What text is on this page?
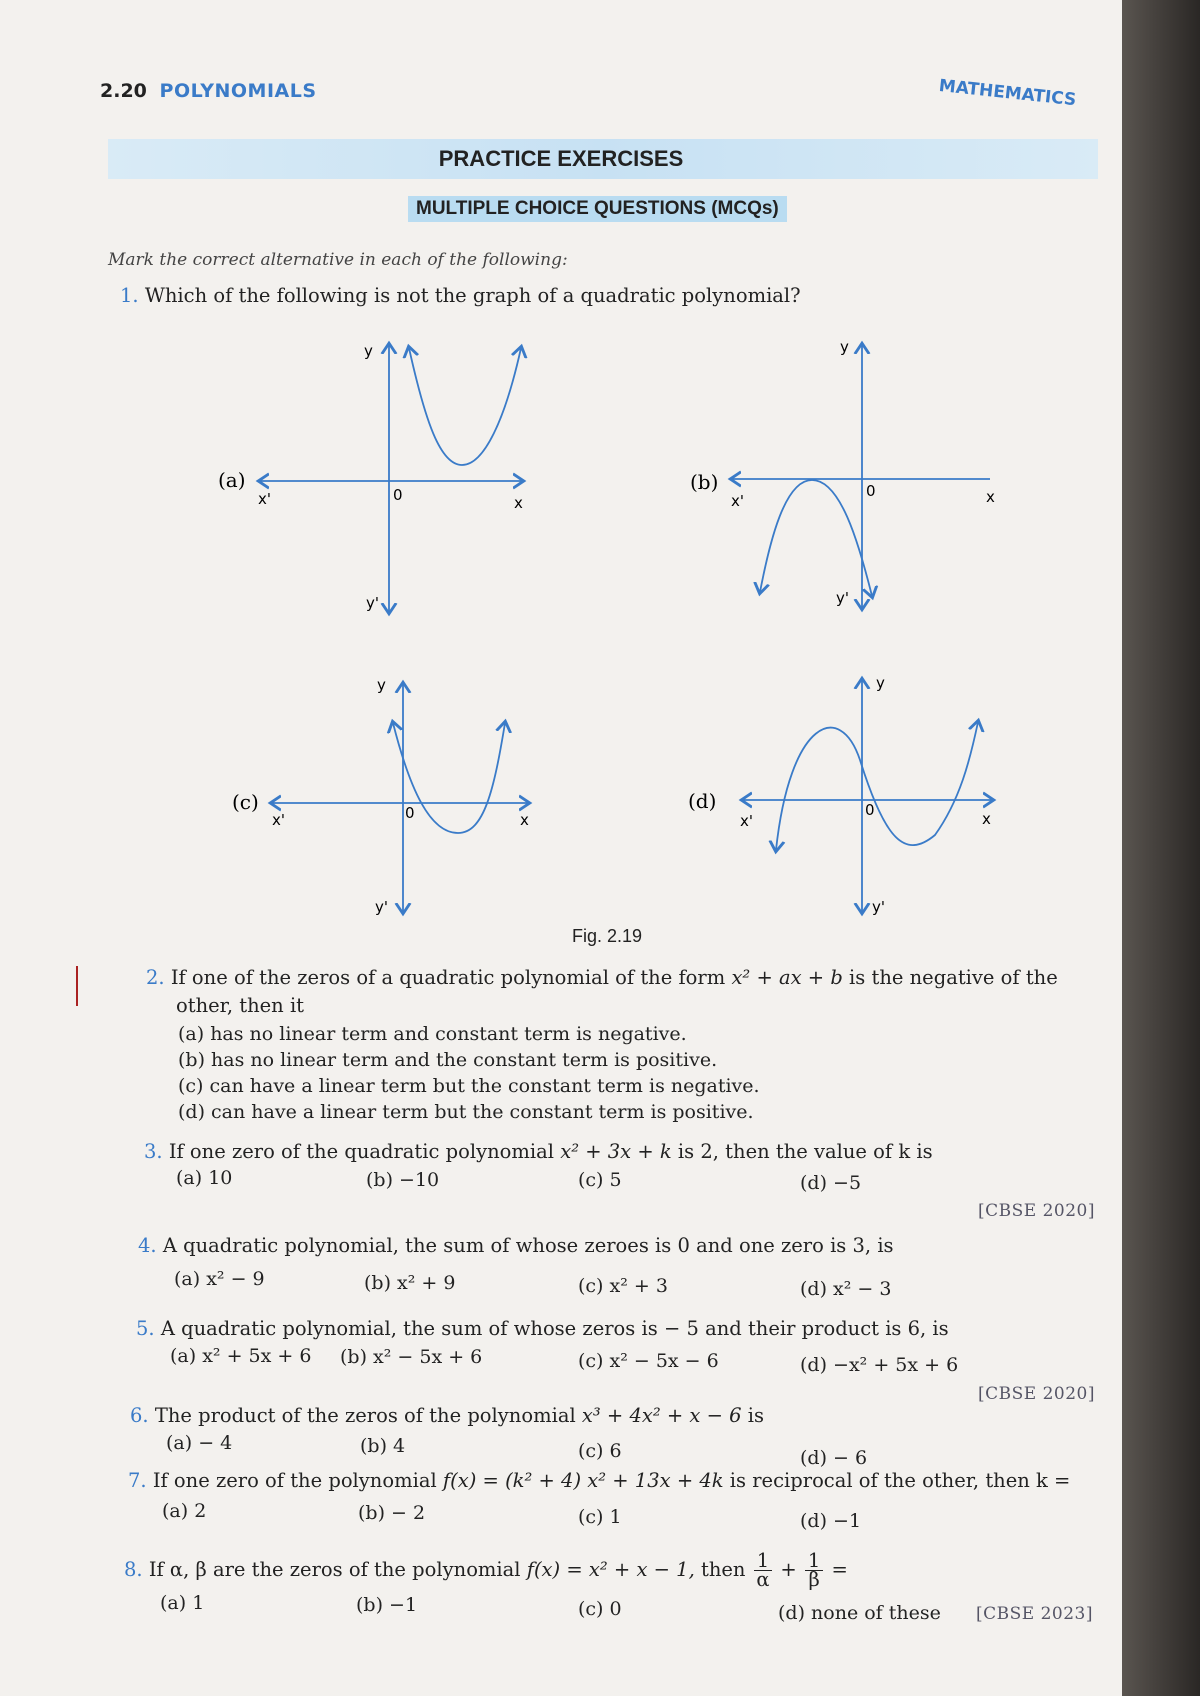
2.20 POLYNOMIALS	MATHEMATICS
PRACTICE EXERCISES
MULTIPLE CHOICE QUESTIONS (MCQs)
Mark the correct alternative in each of the following:
1. Which of the following is not the graph of a quadratic polynomial?
(a)
y
y'
x
x'	0
(b)
y
y'
x
x'
0
(c)
y
y'
x
x'	0	(d)
y
y'
x
x'
0
Fig. 2.19
2. If one of the zeros of a quadratic polynomial of the form x² + ax + b is the negative of the
other, then it
(a) has no linear term and constant term is negative.
(b) has no linear term and the constant term is positive.
(c) can have a linear term but the constant term is negative.
(d) can have a linear term but the constant term is positive.
3. If one zero of the quadratic polynomial x² + 3x + k is 2, then the value of k is
(a) 10	(b) −10	(c) 5	(d) −5
[CBSE 2020]
4. A quadratic polynomial, the sum of whose zeroes is 0 and one zero is 3, is
(a) x² − 9	(b) x² + 9	(c) x² + 3	(d) x² − 3
5. A quadratic polynomial, the sum of whose zeros is − 5 and their product is 6, is
(a) x² + 5x + 6 (b) x² − 5x + 6	(c) x² − 5x − 6	(d) −x² + 5x + 6
[CBSE 2020]
6. The product of the zeros of the polynomial x³ + 4x² + x − 6 is
(a) − 4	(b) 4	(c) 6	(d) − 6
7. If one zero of the polynomial f(x) = (k² + 4) x² + 13x + 4k is reciprocal of the other, then k =
(a) 2	(b) − 2	(c) 1	(d) −1
8. If α, β are the zeros of the polynomial f(x) = x² + x − 1, then $\frac{1}{\alpha} + \frac{1}{\beta}$ =
(a) 1	(b) −1	(c) 0	(d) none of these [CBSE 2023]
